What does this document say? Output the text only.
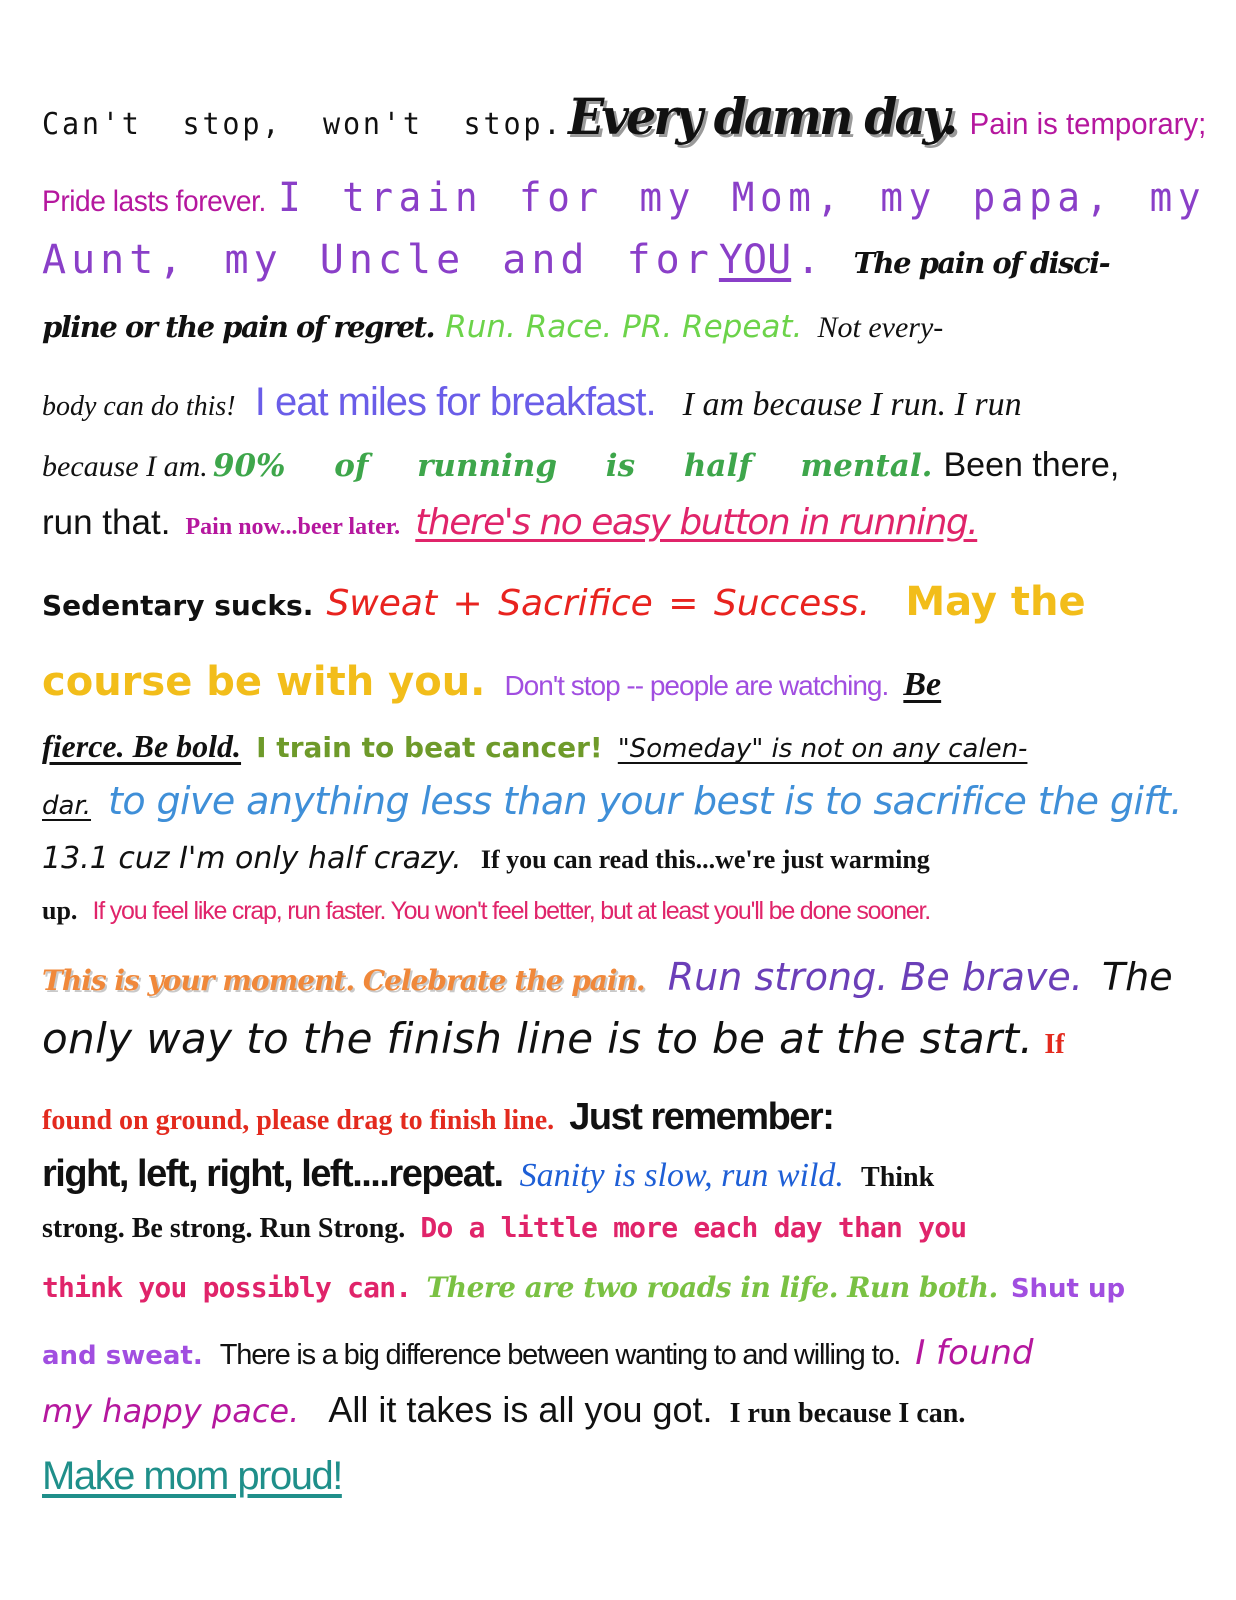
Can't stop, won't stop. Every damn day. Pain is temporary;
Pride lasts forever. I train for my Mom, my papa, my
Aunt, my Uncle and for YOU . The pain of disci-
pline or the pain of regret. Run. Race. PR. Repeat. Not every-
body can do this! I eat miles for breakfast. I am because I run. I run
because I am. 90% of running is half mental. Been there,
run that. Pain now...beer later. there's no easy button in running.
Sedentary sucks. Sweat + Sacrifice = Success. May the
course be with you. Don't stop -- people are watching. Be
fierce. Be bold. I train to beat cancer! "Someday" is not on any calen-
dar. to give anything less than your best is to sacrifice the gift.
13.1 cuz I'm only half crazy. If you can read this...we're just warming
up. If you feel like crap, run faster. You won't feel better, but at least you'll be done sooner.
This is your moment. Celebrate the pain. Run strong. Be brave. The
only way to the finish line is to be at the start. If
found on ground, please drag to finish line. Just remember:
right, left, right, left....repeat. Sanity is slow, run wild. Think
strong. Be strong. Run Strong. Do a little more each day than you
think you possibly can. There are two roads in life. Run both. Shut up
and sweat. There is a big difference between wanting to and willing to. I found
my happy pace. All it takes is all you got. I run because I can.
Make mom proud!
